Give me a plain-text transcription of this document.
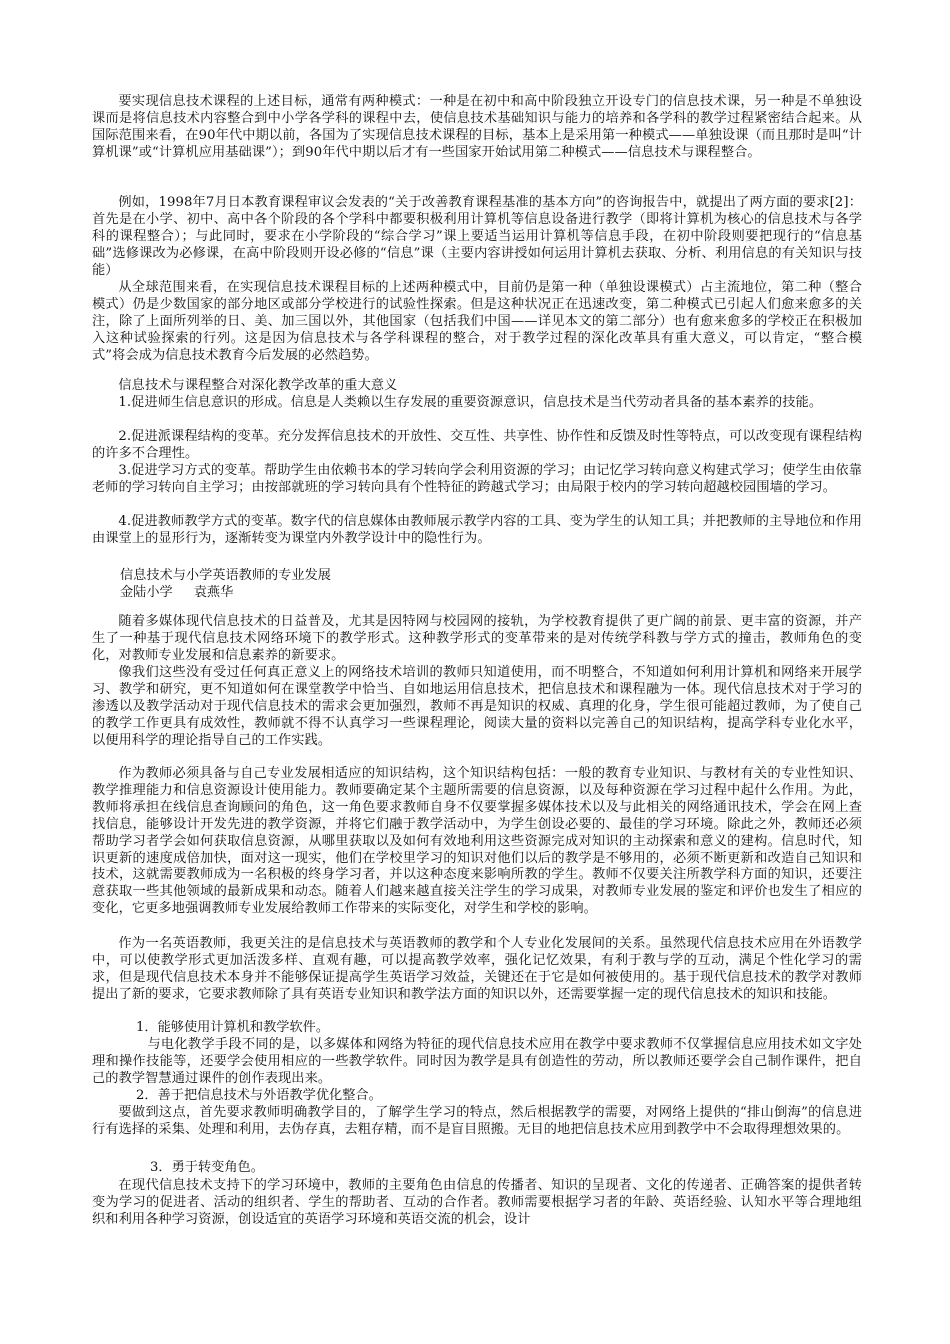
要实现信息技术课程的上述目标，通常有两种模式：一种是在初中和高中阶段独立开设专门的信息技术课，另一种是不单独设课而是将信息技术内容整合到中小学各学科的课程中去，使信息技术基础知识与能力的培养和各学科的教学过程紧密结合起来。从国际范围来看，在90年代中期以前，各国为了实现信息技术课程的目标，基本上是采用第一种模式——单独设课（而且那时是叫“计算机课”或“计算机应用基础课”）；到90年代中期以后才有一些国家开始试用第二种模式——信息技术与课程整合。

例如，1998年7月日本教育课程审议会发表的“关于改善教育课程基准的基本方向”的咨询报告中，就提出了两方面的要求[2]：首先是在小学、初中、高中各个阶段的各个学科中都要积极利用计算机等信息设备进行教学（即将计算机为核心的信息技术与各学科的课程整合）；与此同时，要求在小学阶段的“综合学习”课上要适当运用计算机等信息手段，在初中阶段则要把现行的“信息基础”选修课改为必修课，在高中阶段则开设必修的“信息”课（主要内容讲授如何运用计算机去获取、分析、利用信息的有关知识与技能）

从全球范围来看，在实现信息技术课程目标的上述两种模式中，目前仍是第一种（单独设课模式）占主流地位，第二种（整合模式）仍是少数国家的部分地区或部分学校进行的试验性探索。但是这种状况正在迅速改变，第二种模式已引起人们愈来愈多的关注，除了上面所列举的日、美、加三国以外，其他国家（包括我们中国——详见本文的第二部分）也有愈来愈多的学校正在积极加入这种试验探索的行列。这是因为信息技术与各学科课程的整合，对于教学过程的深化改革具有重大意义，可以肯定，“整合模式”将会成为信息技术教育今后发展的必然趋势。

信息技术与课程整合对深化教学改革的重大意义

1.促进师生信息意识的形成。信息是人类赖以生存发展的重要资源意识，信息技术是当代劳动者具备的基本素养的技能。

2.促进派课程结构的变革。充分发挥信息技术的开放性、交互性、共享性、协作性和反馈及时性等特点，可以改变现有课程结构的许多不合理性。

3.促进学习方式的变革。帮助学生由依赖书本的学习转向学会利用资源的学习；由记忆学习转向意义构建式学习；使学生由依靠老师的学习转向自主学习；由按部就班的学习转向具有个性特征的跨越式学习；由局限于校内的学习转向超越校园围墙的学习。

4.促进教师教学方式的变革。数字代的信息媒体由教师展示教学内容的工具、变为学生的认知工具；并把教师的主导地位和作用由课堂上的显形行为，逐渐转变为课堂内外教学设计中的隐性行为。

信息技术与小学英语教师的专业发展

金陆小学     袁燕华

随着多媒体现代信息技术的日益普及，尤其是因特网与校园网的接轨，为学校教育提供了更广阔的前景、更丰富的资源，并产生了一种基于现代信息技术网络环境下的教学形式。这种教学形式的变革带来的是对传统学科教与学方式的撞击，教师角色的变化，对教师专业发展和信息素养的新要求。

像我们这些没有受过任何真正意义上的网络技术培训的教师只知道使用，而不明整合，不知道如何利用计算机和网络来开展学习、教学和研究，更不知道如何在课堂教学中恰当、自如地运用信息技术，把信息技术和课程融为一体。现代信息技术对于学习的渗透以及教学活动对于现代信息技术的需求会更加强烈，教师不再是知识的权威、真理的化身，学生很可能超过教师，为了使自己的教学工作更具有成效性，教师就不得不认真学习一些课程理论，阅读大量的资料以完善自己的知识结构，提高学科专业化水平，以便用科学的理论指导自己的工作实践。

作为教师必须具备与自己专业发展相适应的知识结构，这个知识结构包括：一般的教育专业知识、与教材有关的专业性知识、教学推理能力和信息资源设计使用能力。教师要确定某个主题所需要的信息资源，以及每种资源在学习过程中起什么作用。为此，教师将承担在线信息查询顾问的角色，这一角色要求教师自身不仅要掌握多媒体技术以及与此相关的网络通讯技术，学会在网上查找信息，能够设计开发先进的教学资源，并将它们融于教学活动中，为学生创设必要的、最佳的学习环境。除此之外，教师还必须帮助学习者学会如何获取信息资源，从哪里获取以及如何有效地利用这些资源完成对知识的主动探索和意义的建构。信息时代，知识更新的速度成倍加快，面对这一现实，他们在学校里学习的知识对他们以后的教学是不够用的，必须不断更新和改造自己知识和技术，这就需要教师成为一名积极的终身学习者，并以这种态度来影响所教的学生。教师不仅要关注所教学科方面的知识，还要注意获取一些其他领域的最新成果和动态。随着人们越来越直接关注学生的学习成果，对教师专业发展的鉴定和评价也发生了相应的变化，它更多地强调教师专业发展给教师工作带来的实际变化，对学生和学校的影响。

作为一名英语教师，我更关注的是信息技术与英语教师的教学和个人专业化发展间的关系。虽然现代信息技术应用在外语教学中，可以使教学形式更加活泼多样、直观有趣，可以提高教学效率，强化记忆效果，有利于教与学的互动，满足个性化学习的需求，但是现代信息技术本身并不能够保证提高学生英语学习效益，关键还在于它是如何被使用的。基于现代信息技术的教学对教师提出了新的要求，它要求教师除了具有英语专业知识和教学法方面的知识以外，还需要掌握一定的现代信息技术的知识和技能。

1．能够使用计算机和教学软件。

与电化教学手段不同的是，以多媒体和网络为特征的现代信息技术应用在教学中要求教师不仅掌握信息应用技术如文字处理和操作技能等，还要学会使用相应的一些教学软件。同时因为教学是具有创造性的劳动，所以教师还要学会自己制作课件，把自己的教学智慧通过课件的创作表现出来。

2．善于把信息技术与外语教学优化整合。

要做到这点，首先要求教师明确教学目的，了解学生学习的特点，然后根据教学的需要，对网络上提供的“排山倒海”的信息进行有选择的采集、处理和利用，去伪存真，去粗存精，而不是盲目照搬。无目的地把信息技术应用到教学中不会取得理想效果的。

3．勇于转变角色。

在现代信息技术支持下的学习环境中，教师的主要角色由信息的传播者、知识的呈现者、文化的传递者、正确答案的提供者转变为学习的促进者、活动的组织者、学生的帮助者、互动的合作者。教师需要根据学习者的年龄、英语经验、认知水平等合理地组织和利用各种学习资源，创设适宜的英语学习环境和英语交流的机会，设计
